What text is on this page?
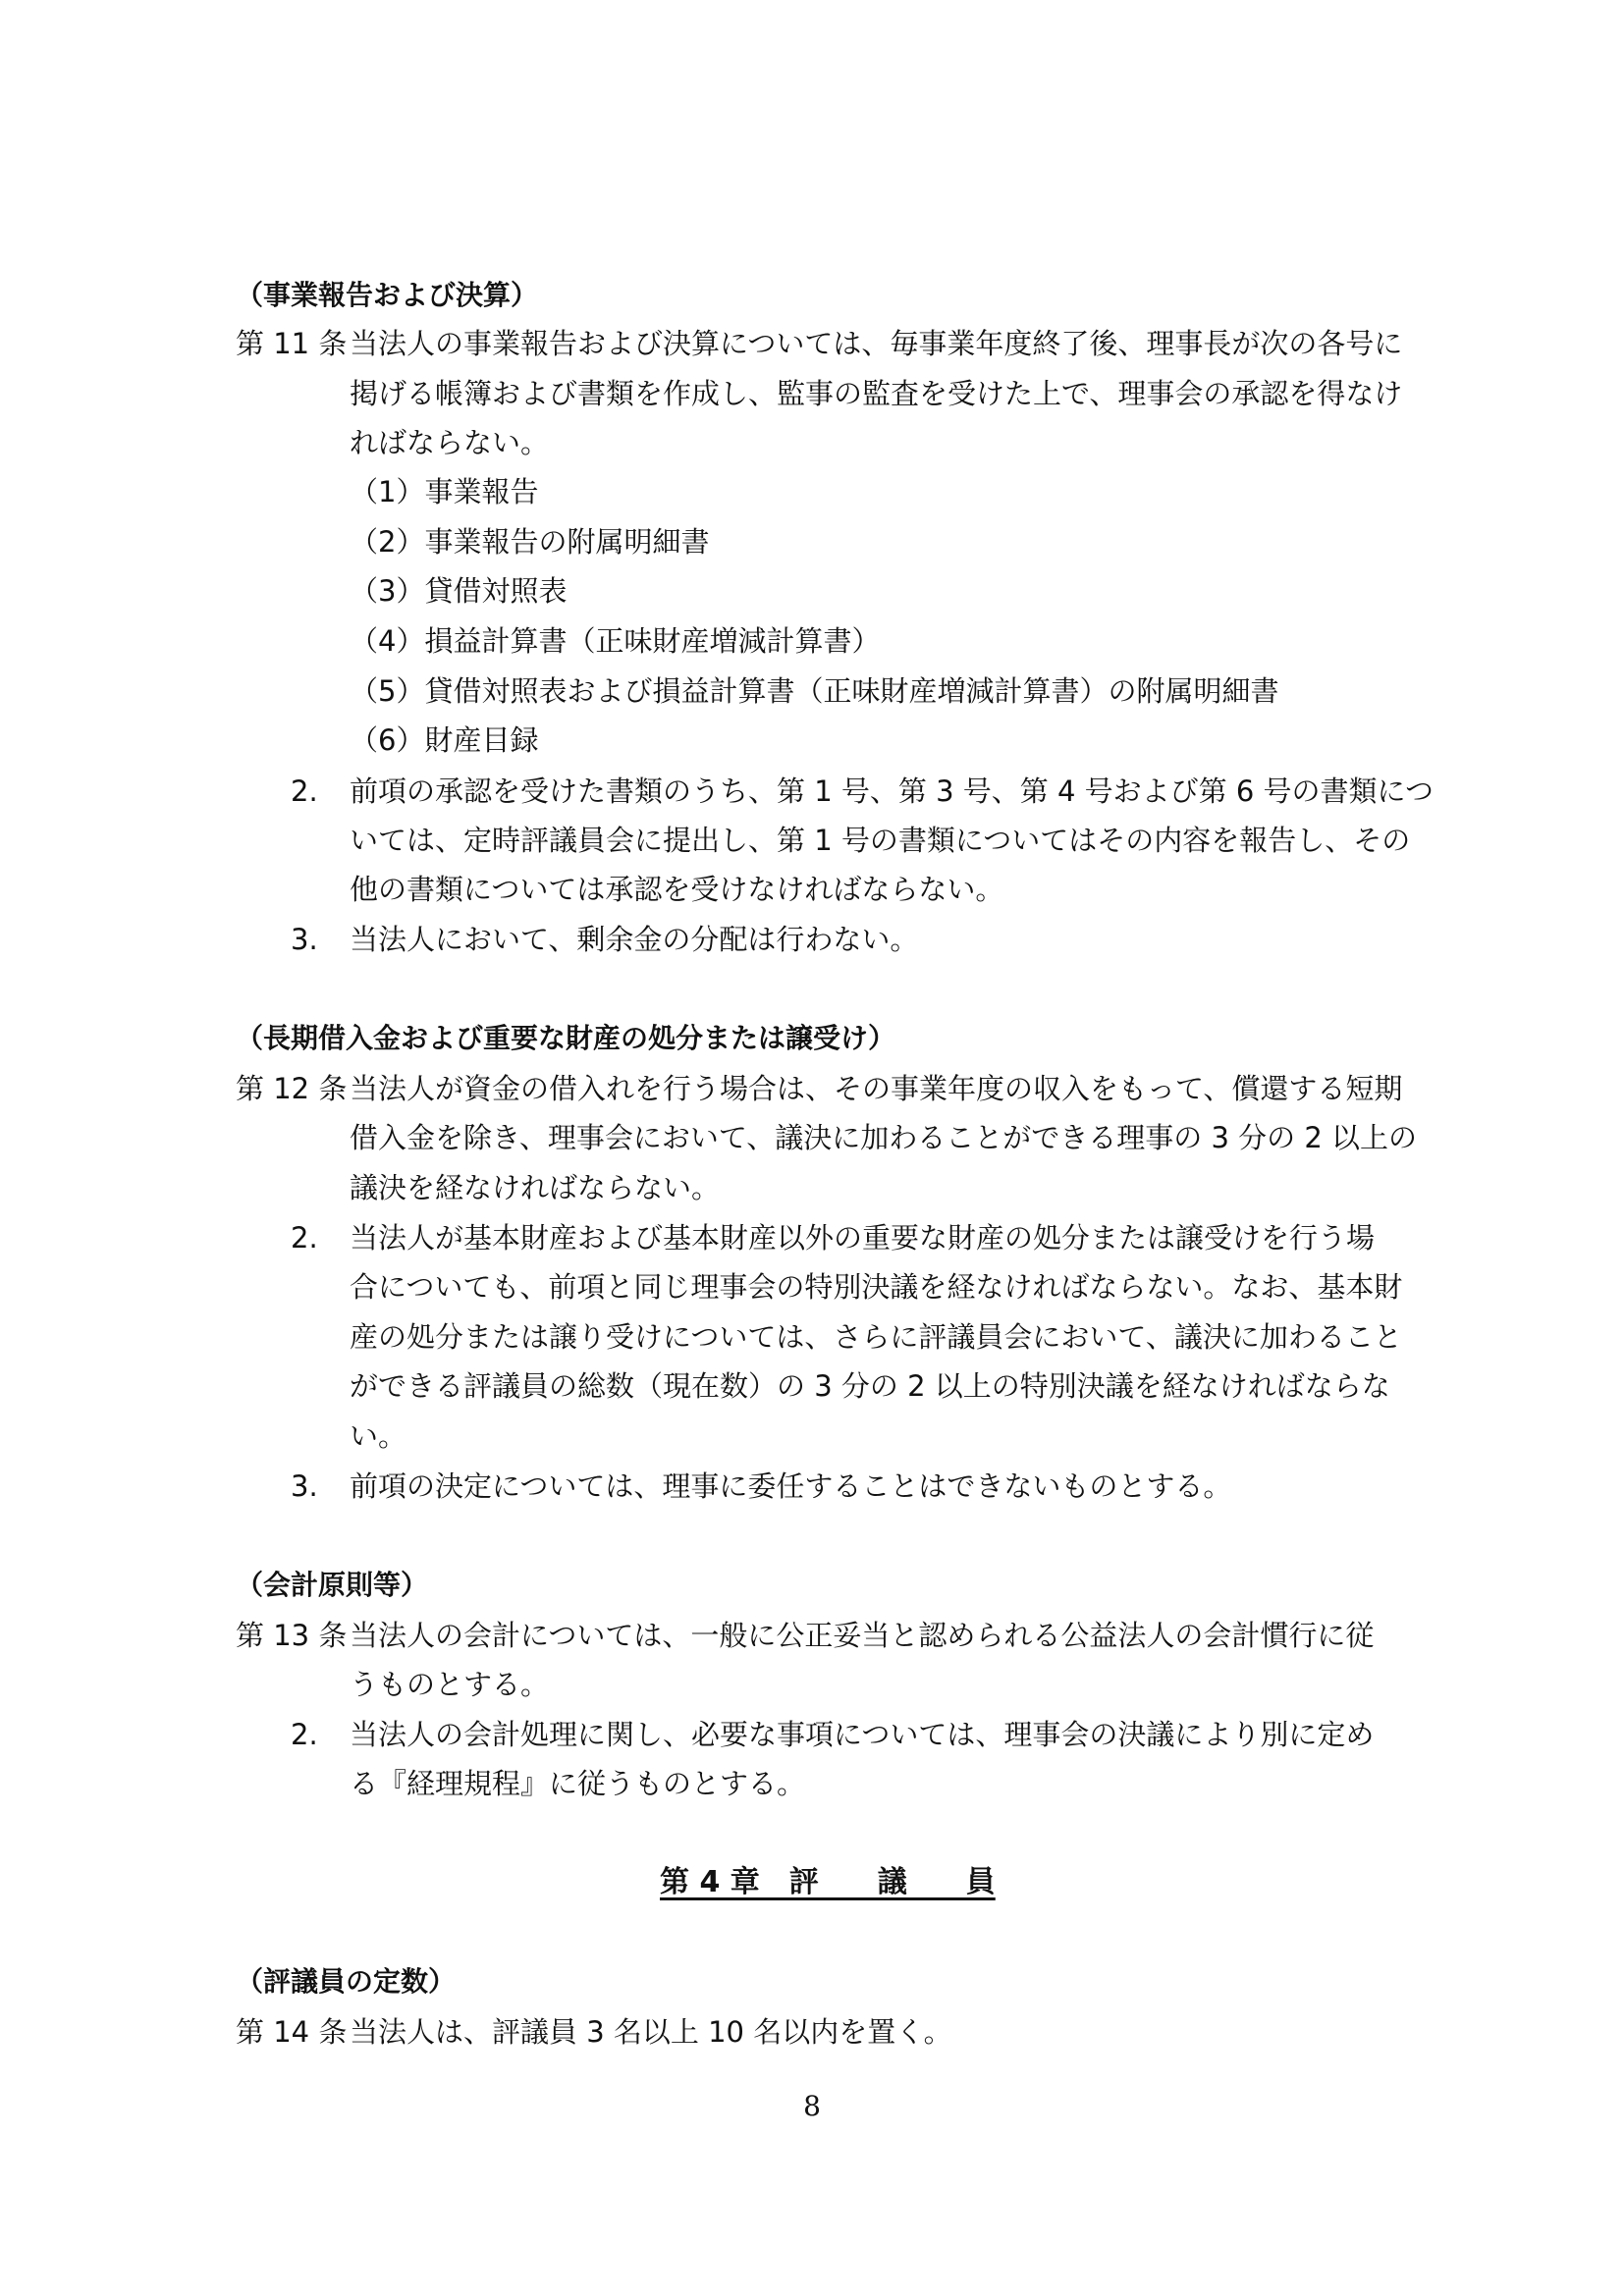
（事業報告および決算）
第 11 条 当法人の事業報告および決算については、毎事業年度終了後、理事長が次の各号に
掲げる帳簿および書類を作成し、監事の監査を受けた上で、理事会の承認を得なけ
ればならない。
（1）事業報告
（2）事業報告の附属明細書
（3）貸借対照表
（4）損益計算書（正味財産増減計算書）
（5）貸借対照表および損益計算書（正味財産増減計算書）の附属明細書
（6）財産目録
2. 前項の承認を受けた書類のうち、第 1 号、第 3 号、第 4 号および第 6 号の書類につ
いては、定時評議員会に提出し、第 1 号の書類についてはその内容を報告し、その
他の書類については承認を受けなければならない。
3. 当法人において、剰余金の分配は行わない。
（長期借入金および重要な財産の処分または譲受け）
第 12 条 当法人が資金の借入れを行う場合は、その事業年度の収入をもって、償還する短期
借入金を除き、理事会において、議決に加わることができる理事の 3 分の 2 以上の
議決を経なければならない。
2. 当法人が基本財産および基本財産以外の重要な財産の処分または譲受けを行う場
合についても、前項と同じ理事会の特別決議を経なければならない。なお、基本財
産の処分または譲り受けについては、さらに評議員会において、議決に加わること
ができる評議員の総数（現在数）の 3 分の 2 以上の特別決議を経なければならな
い。
3. 前項の決定については、理事に委任することはできないものとする。
（会計原則等）
第 13 条 当法人の会計については、一般に公正妥当と認められる公益法人の会計慣行に従
うものとする。
2. 当法人の会計処理に関し、必要な事項については、理事会の決議により別に定め
る『経理規程』に従うものとする。
第 4 章　評　　議　　員
（評議員の定数）
第 14 条 当法人は、評議員 3 名以上 10 名以内を置く。
8
